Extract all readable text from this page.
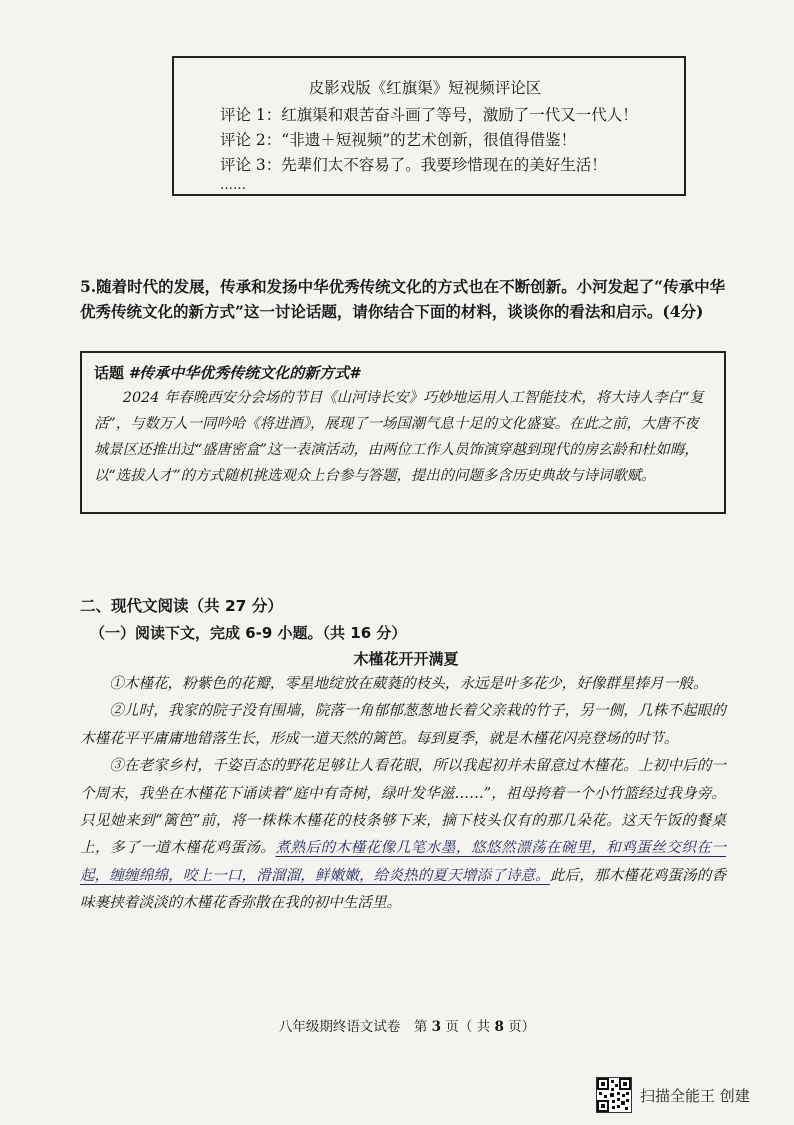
皮影戏版《红旗渠》短视频评论区
评论 1：红旗渠和艰苦奋斗画了等号，激励了一代又一代人！
评论 2：“非遗＋短视频”的艺术创新，很值得借鉴！
评论 3：先辈们太不容易了。我要珍惜现在的美好生活！
……
5.随着时代的发展，传承和发扬中华优秀传统文化的方式也在不断创新。小河发起了“传承中华优秀传统文化的新方式”这一讨论话题，请你结合下面的材料，谈谈你的看法和启示。(4分)
话题 #传承中华优秀传统文化的新方式#

2024 年春晚西安分会场的节目《山河诗长安》巧妙地运用人工智能技术，将大诗人李白“复活”，与数万人一同吟哈《将进酒》，展现了一场国潮气息十足的文化盛宴。在此之前，大唐不夜城景区还推出过“盛唐密盒”这一表演活动，由两位工作人员饰演穿越到现代的房玄龄和杜如晦，以“选拔人才”的方式随机挑选观众上台参与答题，提出的问题多含历史典故与诗词歌赋。

二、现代文阅读（共 27 分）
（一）阅读下文，完成 6-9 小题。（共 16 分）
木槿花开开满夏

①木槿花，粉紫色的花瓣，零星地绽放在葳蕤的枝头，永远是叶多花少，好像群星捧月一般。

②儿时，我家的院子没有围墙，院落一角郁郁葱葱地长着父亲栽的竹子，另一侧，几株不起眼的木槿花平平庸庸地错落生长，形成一道天然的篱笆。每到夏季，就是木槿花闪亮登场的时节。

③在老家乡村，千姿百态的野花足够让人看花眼，所以我起初并未留意过木槿花。上初中后的一个周末，我坐在木槿花下诵读着“庭中有奇树，绿叶发华滋……”，祖母挎着一个小竹篮经过我身旁。只见她来到“篱笆”前，将一株株木槿花的枝条够下来，摘下枝头仅有的那几朵花。这天午饭的餐桌上，多了一道木槿花鸡蛋汤。煮熟后的木槿花像几笔水墨，悠悠然漂荡在碗里，和鸡蛋丝交织在一起，缠缠绵绵，咬上一口，滑溜溜，鲜嫩嫩，给炎热的夏天增添了诗意。此后，那木槿花鸡蛋汤的香味裹挟着淡淡的木槿花香弥散在我的初中生活里。

八年级期终语文试卷　第 3 页（ 共 8 页）
扫描全能王 创建
